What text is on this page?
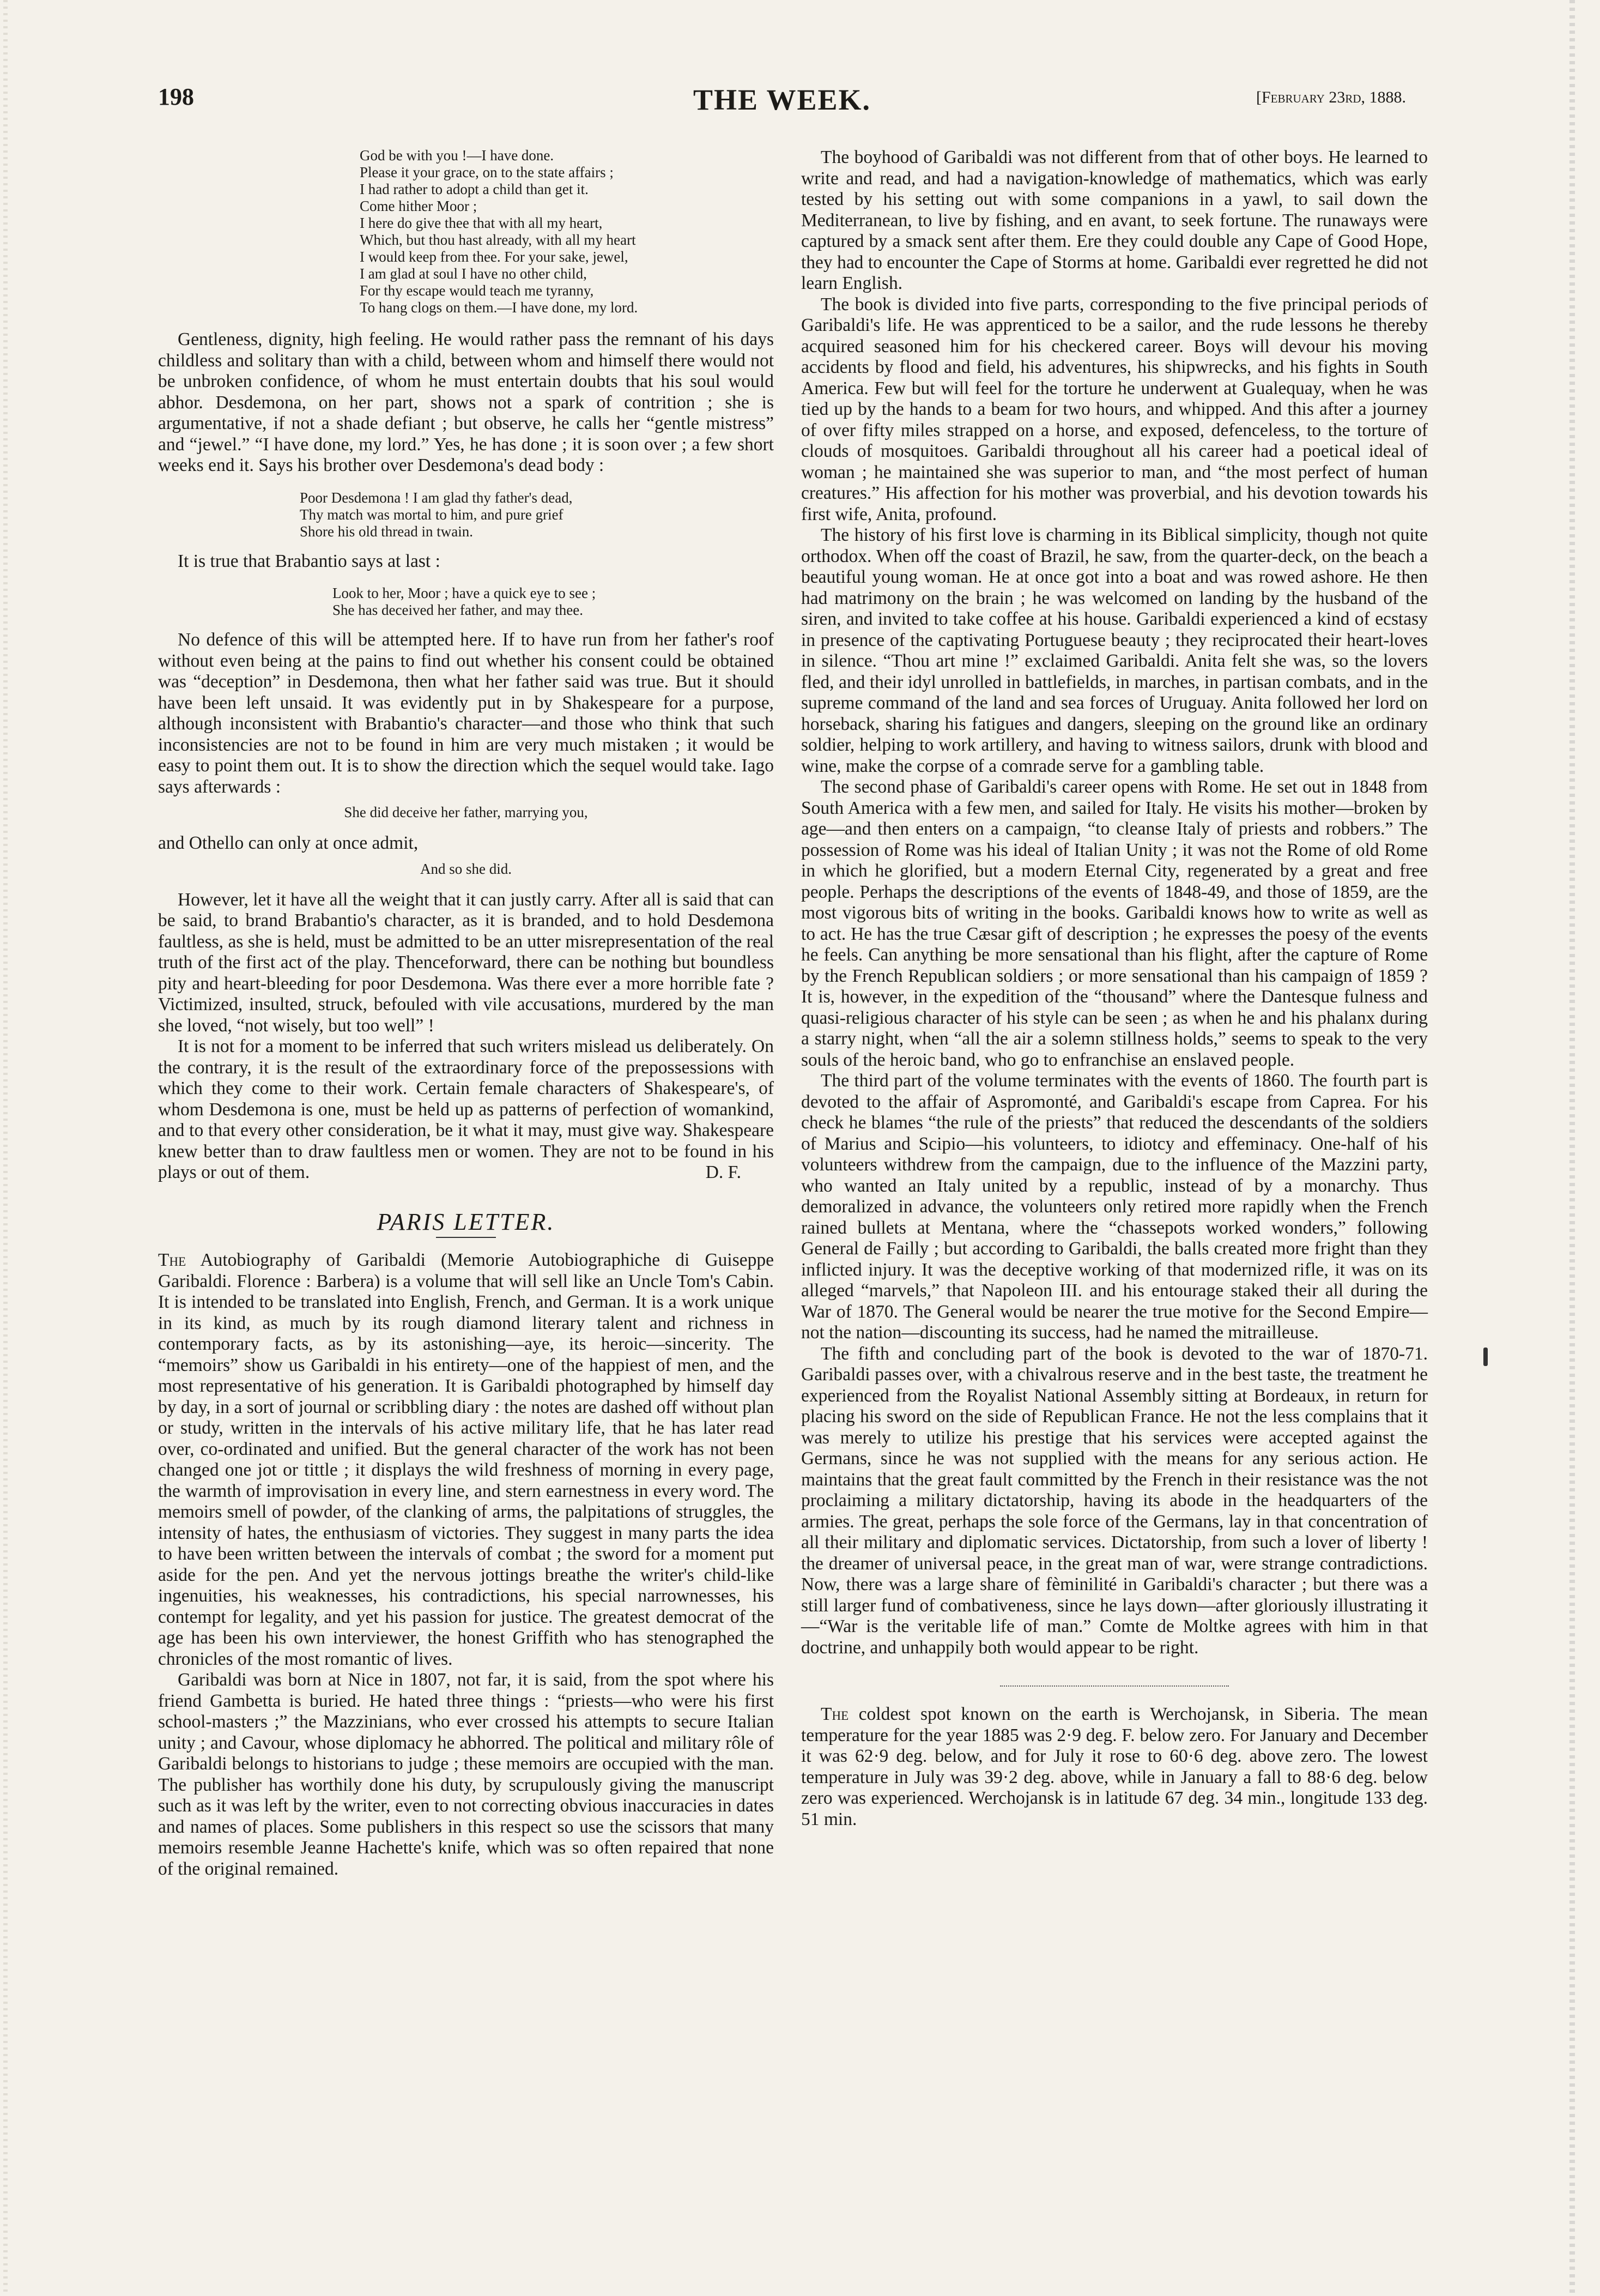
198	THE WEEK.	[February 23rd, 1888.
God be with you !—I have done.
Please it your grace, on to the state affairs ;
I had rather to adopt a child than get it.
Come hither Moor ;
I here do give thee that with all my heart,
Which, but thou hast already, with all my heart
I would keep from thee. For your sake, jewel,
I am glad at soul I have no other child,
For thy escape would teach me tyranny,
To hang clogs on them.—I have done, my lord.

Gentleness, dignity, high feeling. He would rather pass the remnant of his days childless and solitary than with a child, between whom and himself there would not be unbroken confidence, of whom he must entertain doubts that his soul would abhor. Desdemona, on her part, shows not a spark of contrition ; she is argumentative, if not a shade defiant ; but observe, he calls her “gentle mistress” and “jewel.” “I have done, my lord.” Yes, he has done ; it is soon over ; a few short weeks end it. Says his brother over Desdemona's dead body :

Poor Desdemona ! I am glad thy father's dead,
Thy match was mortal to him, and pure grief
Shore his old thread in twain.

It is true that Brabantio says at last :

Look to her, Moor ; have a quick eye to see ;
She has deceived her father, and may thee.

No defence of this will be attempted here. If to have run from her father's roof without even being at the pains to find out whether his consent could be obtained was “deception” in Desdemona, then what her father said was true. But it should have been left unsaid. It was evidently put in by Shakespeare for a purpose, although inconsistent with Brabantio's character—and those who think that such inconsistencies are not to be found in him are very much mistaken ; it would be easy to point them out. It is to show the direction which the sequel would take. Iago says afterwards :

She did deceive her father, marrying you,

and Othello can only at once admit,

And so she did.

However, let it have all the weight that it can justly carry. After all is said that can be said, to brand Brabantio's character, as it is branded, and to hold Desdemona faultless, as she is held, must be admitted to be an utter misrepresentation of the real truth of the first act of the play. Thenceforward, there can be nothing but boundless pity and heart-bleeding for poor Desdemona. Was there ever a more horrible fate ? Victimized, insulted, struck, befouled with vile accusations, murdered by the man she loved, “not wisely, but too well” !

It is not for a moment to be inferred that such writers mislead us deliberately. On the contrary, it is the result of the extraordinary force of the prepossessions with which they come to their work. Certain female characters of Shakespeare's, of whom Desdemona is one, must be held up as patterns of perfection of womankind, and to that every other consideration, be it what it may, must give way. Shakespeare knew better than to draw faultless men or women. They are not to be found in his plays or out of them.	D. F.

PARIS LETTER.

The Autobiography of Garibaldi (Memorie Autobiographiche di Guiseppe Garibaldi. Florence : Barbera) is a volume that will sell like an Uncle Tom's Cabin. It is intended to be translated into English, French, and German. It is a work unique in its kind, as much by its rough diamond literary talent and richness in contemporary facts, as by its astonishing—aye, its heroic—sincerity. The “memoirs” show us Garibaldi in his entirety—one of the happiest of men, and the most representative of his generation. It is Garibaldi photographed by himself day by day, in a sort of journal or scribbling diary : the notes are dashed off without plan or study, written in the intervals of his active military life, that he has later read over, co-ordinated and unified. But the general character of the work has not been changed one jot or tittle ; it displays the wild freshness of morning in every page, the warmth of improvisation in every line, and stern earnestness in every word. The memoirs smell of powder, of the clanking of arms, the palpitations of struggles, the intensity of hates, the enthusiasm of victories. They suggest in many parts the idea to have been written between the intervals of combat ; the sword for a moment put aside for the pen. And yet the nervous jottings breathe the writer's child-like ingenuities, his weaknesses, his contradictions, his special narrownesses, his contempt for legality, and yet his passion for justice. The greatest democrat of the age has been his own interviewer, the honest Griffith who has stenographed the chronicles of the most romantic of lives.

Garibaldi was born at Nice in 1807, not far, it is said, from the spot where his friend Gambetta is buried. He hated three things : “priests—who were his first school-masters ;” the Mazzinians, who ever crossed his attempts to secure Italian unity ; and Cavour, whose diplomacy he abhorred. The political and military rôle of Garibaldi belongs to historians to judge ; these memoirs are occupied with the man. The publisher has worthily done his duty, by scrupulously giving the manuscript such as it was left by the writer, even to not correcting obvious inaccuracies in dates and names of places. Some publishers in this respect so use the scissors that many memoirs resemble Jeanne Hachette's knife, which was so often repaired that none of the original remained.

The boyhood of Garibaldi was not different from that of other boys. He learned to write and read, and had a navigation-knowledge of mathematics, which was early tested by his setting out with some companions in a yawl, to sail down the Mediterranean, to live by fishing, and en avant, to seek fortune. The runaways were captured by a smack sent after them. Ere they could double any Cape of Good Hope, they had to encounter the Cape of Storms at home. Garibaldi ever regretted he did not learn English.

The book is divided into five parts, corresponding to the five principal periods of Garibaldi's life. He was apprenticed to be a sailor, and the rude lessons he thereby acquired seasoned him for his checkered career. Boys will devour his moving accidents by flood and field, his adventures, his shipwrecks, and his fights in South America. Few but will feel for the torture he underwent at Gualequay, when he was tied up by the hands to a beam for two hours, and whipped. And this after a journey of over fifty miles strapped on a horse, and exposed, defenceless, to the torture of clouds of mosquitoes. Garibaldi throughout all his career had a poetical ideal of woman ; he maintained she was superior to man, and “the most perfect of human creatures.” His affection for his mother was proverbial, and his devotion towards his first wife, Anita, profound.

The history of his first love is charming in its Biblical simplicity, though not quite orthodox. When off the coast of Brazil, he saw, from the quarter-deck, on the beach a beautiful young woman. He at once got into a boat and was rowed ashore. He then had matrimony on the brain ; he was welcomed on landing by the husband of the siren, and invited to take coffee at his house. Garibaldi experienced a kind of ecstasy in presence of the captivating Portuguese beauty ; they reciprocated their heart-loves in silence. “Thou art mine !” exclaimed Garibaldi. Anita felt she was, so the lovers fled, and their idyl unrolled in battlefields, in marches, in partisan combats, and in the supreme command of the land and sea forces of Uruguay. Anita followed her lord on horseback, sharing his fatigues and dangers, sleeping on the ground like an ordinary soldier, helping to work artillery, and having to witness sailors, drunk with blood and wine, make the corpse of a comrade serve for a gambling table.

The second phase of Garibaldi's career opens with Rome. He set out in 1848 from South America with a few men, and sailed for Italy. He visits his mother—broken by age—and then enters on a campaign, “to cleanse Italy of priests and robbers.” The possession of Rome was his ideal of Italian Unity ; it was not the Rome of old Rome in which he glorified, but a modern Eternal City, regenerated by a great and free people. Perhaps the descriptions of the events of 1848-49, and those of 1859, are the most vigorous bits of writing in the books. Garibaldi knows how to write as well as to act. He has the true Cæsar gift of description ; he expresses the poesy of the events he feels. Can anything be more sensational than his flight, after the capture of Rome by the French Republican soldiers ; or more sensational than his campaign of 1859 ? It is, however, in the expedition of the “thousand” where the Dantesque fulness and quasi-religious character of his style can be seen ; as when he and his phalanx during a starry night, when “all the air a solemn stillness holds,” seems to speak to the very souls of the heroic band, who go to enfranchise an enslaved people.

The third part of the volume terminates with the events of 1860. The fourth part is devoted to the affair of Aspromonté, and Garibaldi's escape from Caprea. For his check he blames “the rule of the priests” that reduced the descendants of the soldiers of Marius and Scipio—his volunteers, to idiotcy and effeminacy. One-half of his volunteers withdrew from the campaign, due to the influence of the Mazzini party, who wanted an Italy united by a republic, instead of by a monarchy. Thus demoralized in advance, the volunteers only retired more rapidly when the French rained bullets at Mentana, where the “chassepots worked wonders,” following General de Failly ; but according to Garibaldi, the balls created more fright than they inflicted injury. It was the deceptive working of that modernized rifle, it was on its alleged “marvels,” that Napoleon III. and his entourage staked their all during the War of 1870. The General would be nearer the true motive for the Second Empire—not the nation—discounting its success, had he named the mitrailleuse.

The fifth and concluding part of the book is devoted to the war of 1870-71. Garibaldi passes over, with a chivalrous reserve and in the best taste, the treatment he experienced from the Royalist National Assembly sitting at Bordeaux, in return for placing his sword on the side of Republican France. He not the less complains that it was merely to utilize his prestige that his services were accepted against the Germans, since he was not supplied with the means for any serious action. He maintains that the great fault committed by the French in their resistance was the not proclaiming a military dictatorship, having its abode in the headquarters of the armies. The great, perhaps the sole force of the Germans, lay in that concentration of all their military and diplomatic services. Dictatorship, from such a lover of liberty ! the dreamer of universal peace, in the great man of war, were strange contradictions. Now, there was a large share of fèminilité in Garibaldi's character ; but there was a still larger fund of combativeness, since he lays down—after gloriously illustrating it—“War is the veritable life of man.” Comte de Moltke agrees with him in that doctrine, and unhappily both would appear to be right.

The coldest spot known on the earth is Werchojansk, in Siberia. The mean temperature for the year 1885 was 2·9 deg. F. below zero. For January and December it was 62·9 deg. below, and for July it rose to 60·6 deg. above zero. The lowest temperature in July was 39·2 deg. above, while in January a fall to 88·6 deg. below zero was experienced. Werchojansk is in latitude 67 deg. 34 min., longitude 133 deg. 51 min.
